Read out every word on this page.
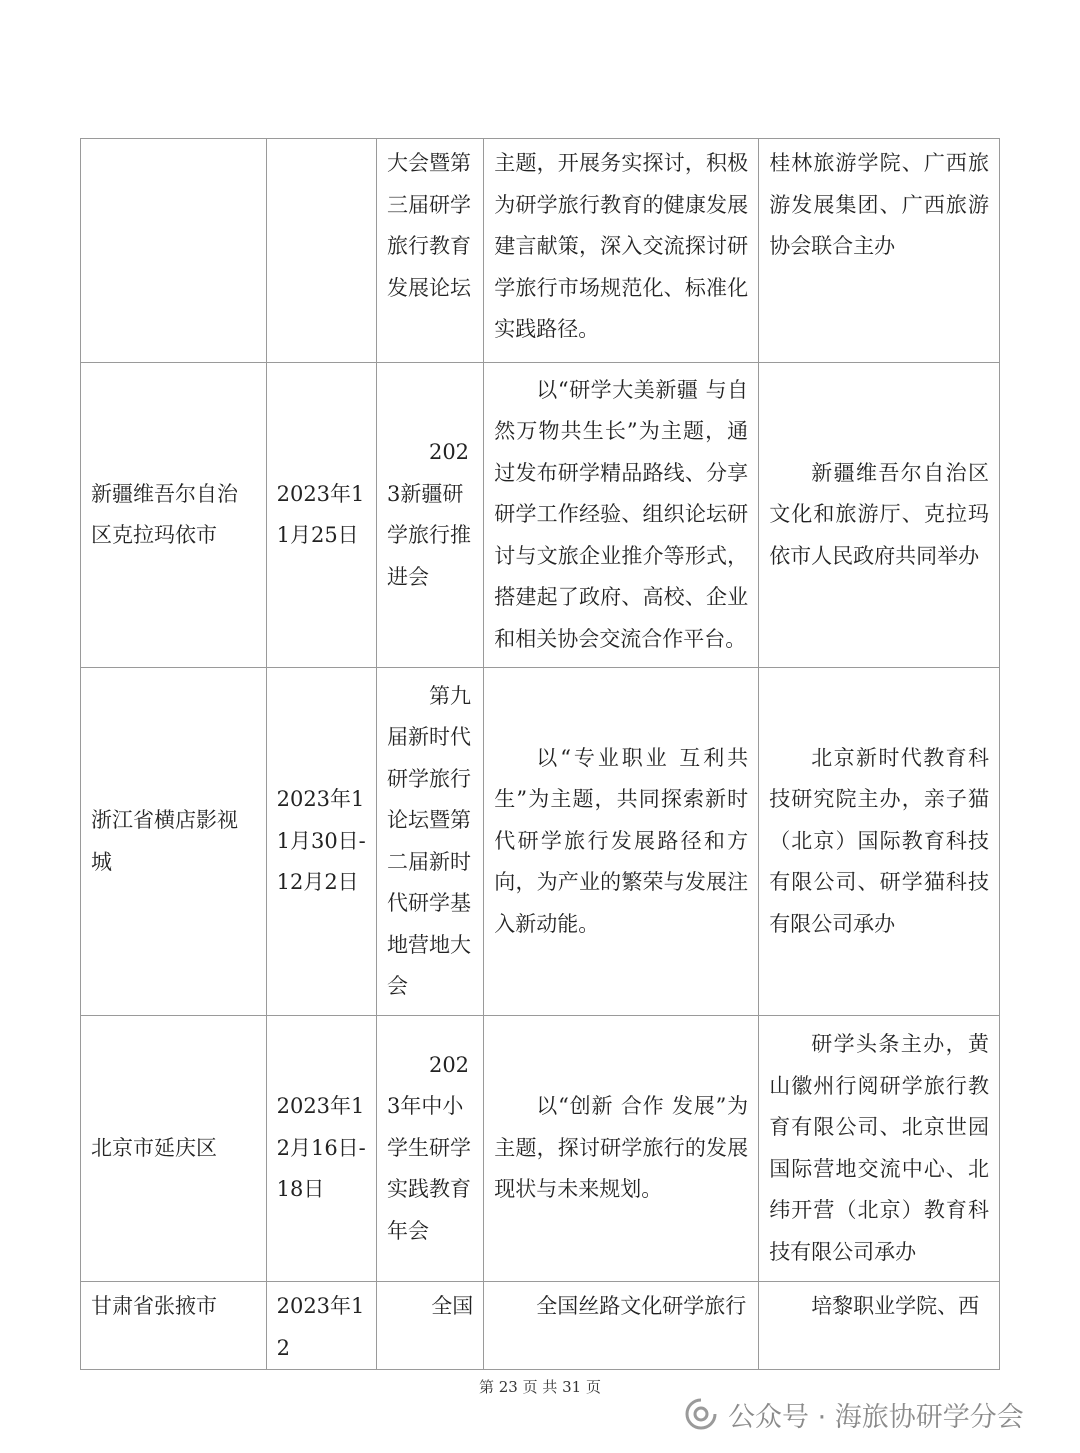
		大会暨第三届研学旅行教育发展论坛	主题，开展务实探讨，积极为研学旅行教育的健康发展建言献策，深入交流探讨研学旅行市场规范化、标准化实践路径。	桂林旅游学院、广西旅游发展集团、广西旅游协会联合主办
新疆维吾尔自治区克拉玛依市	2023年11月25日	2023新疆研学旅行推进会	以“研学大美新疆 与自然万物共生长”为主题，通过发布研学精品路线、分享研学工作经验、组织论坛研讨与文旅企业推介等形式，搭建起了政府、高校、企业和相关协会交流合作平台。	新疆维吾尔自治区文化和旅游厅、克拉玛依市人民政府共同举办
浙江省横店影视城	2023年11月30日-12月2日	第九届新时代研学旅行论坛暨第二届新时代研学基地营地大会	以“专业职业 互利共生”为主题，共同探索新时代研学旅行发展路径和方向，为产业的繁荣与发展注入新动能。	北京新时代教育科技研究院主办，亲子猫（北京）国际教育科技有限公司、研学猫科技有限公司承办
北京市延庆区	2023年12月16日-18日	2023年中小学生研学实践教育年会	以“创新 合作 发展”为主题，探讨研学旅行的发展现状与未来规划。	研学头条主办，黄山徽州行阅研学旅行教育有限公司、北京世园国际营地交流中心、北纬开营（北京）教育科技有限公司承办
甘肃省张掖市	2023年12	全国	全国丝路文化研学旅行	培黎职业学院、西
第 23 页 共 31 页
公众号 · 海旅协研学分会
